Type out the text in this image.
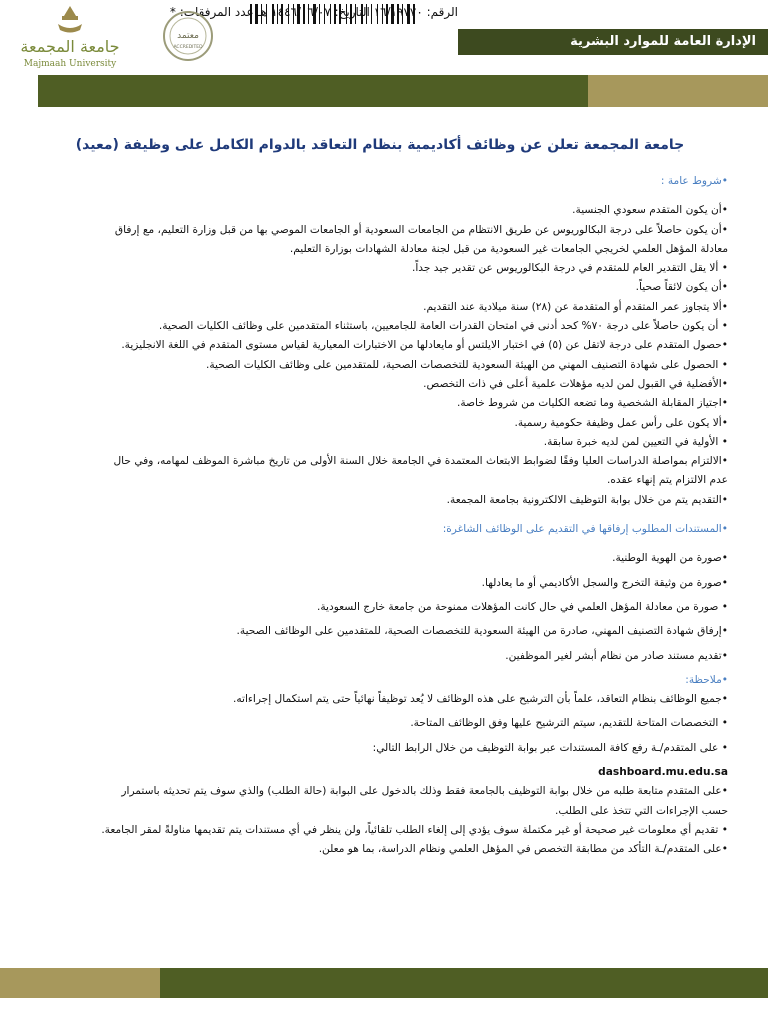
الرقم: ١٦/١٩٧٧٠ التاريخ: ١٤٤٦/٠٦/٠٧ هـ عدد المرفقات: *
معتمد
ACCREDITED
جامعة المجمعة
Majmaah University
الإدارة العامة للموارد البشرية
جامعة المجمعة تعلن عن وظائف أكاديمية بنظام التعاقد بالدوام الكامل على وظيفة (معيد)
•شروط عامة :
•أن يكون المتقدم سعودي الجنسية.
•أن يكون حاصلاً على درجة البكالوريوس عن طريق الانتظام من الجامعات السعودية أو الجامعات الموصي بها من قبل وزارة التعليم، مع إرفاق
معادلة المؤهل العلمي لخريجي الجامعات غير السعودية من قبل لجنة معادلة الشهادات بوزارة التعليم.
• ألا يقل التقدير العام للمتقدم في درجة البكالوريوس عن تقدير جيد جداً.
•أن يكون لائقاً صحياً.
•ألا يتجاوز عمر المتقدم أو المتقدمة عن (٢٨) سنة ميلادية عند التقديم.
• أن يكون حاصلاً على درجة ٧٠% كحد أدنى في امتحان القدرات العامة للجامعيين، باستثناء المتقدمين على وظائف الكليات الصحية.
•حصول المتقدم على درجة لاتقل عن (٥) في اختبار الايلتس أو مايعادلها من الاختبارات المعيارية لقياس مستوى المتقدم في اللغة الانجليزية.
• الحصول على شهادة التصنيف المهني من الهيئة السعودية للتخصصات الصحية، للمتقدمين على وظائف الكليات الصحية.
•الأفضلية في القبول لمن لديه مؤهلات علمية أعلى في ذات التخصص.
•اجتياز المقابلة الشخصية وما تضعه الكليات من شروط خاصة.
•ألا يكون على رأس عمل وظيفة حكومية رسمية.
• الأولية في التعيين لمن لديه خبرة سابقة.
•الالتزام بمواصلة الدراسات العليا وفقًا لضوابط الابتعاث المعتمدة في الجامعة خلال السنة الأولى من تاريخ مباشرة الموظف لمهامه، وفي حال
عدم الالتزام يتم إنهاء عقده.
•التقديم يتم من خلال بوابة التوظيف الالكترونية بجامعة المجمعة.
•المستندات المطلوب إرفاقها في التقديم على الوظائف الشاغرة:
•صورة من الهوية الوطنية.
•صورة من وثيقة التخرج والسجل الأكاديمي أو ما يعادلها.
• صورة من معادلة المؤهل العلمي في حال كانت المؤهلات ممنوحة من جامعة خارج السعودية.
•إرفاق شهادة التصنيف المهني، صادرة من الهيئة السعودية للتخصصات الصحية، للمتقدمين على الوظائف الصحية.
•تقديم مستند صادر من نظام أبشر لغير الموظفين.
•ملاحظة:
•جميع الوظائف بنظام التعاقد، علماً بأن الترشيح على هذه الوظائف لا يُعد توظيفاً نهائياً حتى يتم استكمال إجراءاته.
• التخصصات المتاحة للتقديم، سيتم الترشيح عليها وفق الوظائف المتاحة.
• على المتقدم/ـة رفع كافة المستندات عبر بوابة التوظيف من خلال الرابط التالي:
dashboard.mu.edu.sa
•على المتقدم متابعة طلبه من خلال بوابة التوظيف بالجامعة فقط وذلك بالدخول على البوابة (حالة الطلب) والذي سوف يتم تحديثه باستمرار
حسب الإجراءات التي تتخذ على الطلب.
• تقديم أي معلومات غير صحيحة أو غير مكتملة سوف يؤدي إلى إلغاء الطلب تلقائياً، ولن ينظر في أي مستندات يتم تقديمها مناولةً لمقر الجامعة.
•على المتقدم/ـة التأكد من مطابقة التخصص في المؤهل العلمي ونظام الدراسة، بما هو معلن.
